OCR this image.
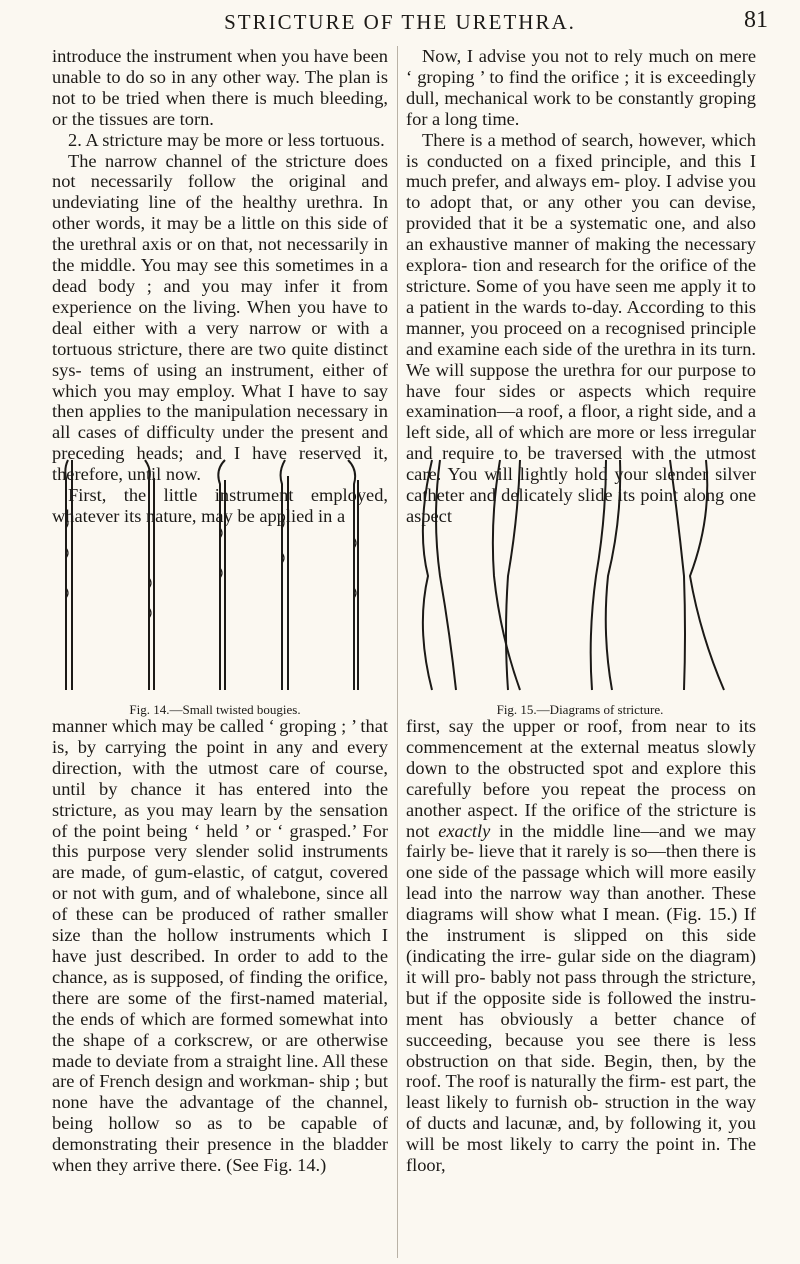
STRICTURE OF THE URETHRA.	81

introduce the instrument when you have been unable to do so in any other way. The plan is not to be tried when there is much bleeding, or the tissues are torn.

2. A stricture may be more or less tortuous.

The narrow channel of the stricture does not necessarily follow the original and undeviating line of the healthy urethra. In other words, it may be a little on this side of the urethral axis or on that, not necessarily in the middle. You may see this sometimes in a dead body ; and you may infer it from experience on the living. When you have to deal either with a very narrow or with a tortuous stricture, there are two quite distinct sys- tems of using an instrument, either of which you may employ. What I have to say then applies to the manipulation necessary in all cases of difficulty under the present and preceding heads; and I have reserved it, therefore, until now.

First, the little instrument employed, whatever its nature, may be applied in a

Fig. 14.—Small twisted bougies.	Fig. 15.—Diagrams of stricture.

manner which may be called ‘ groping ; ’ that is, by carrying the point in any and every direction, with the utmost care of course, until by chance it has entered into the stricture, as you may learn by the sensation of the point being ‘ held ’ or ‘ grasped.’ For this purpose very slender solid instruments are made, of gum-elastic, of catgut, covered or not with gum, and of whalebone, since all of these can be produced of rather smaller size than the hollow instruments which I have just described. In order to add to the chance, as is supposed, of finding the orifice, there are some of the first-named material, the ends of which are formed somewhat into the shape of a corkscrew, or are otherwise made to deviate from a straight line. All these are of French design and workman- ship ; but none have the advantage of the channel, being hollow so as to be capable of demonstrating their presence in the bladder when they arrive there. (See Fig. 14.)

Now, I advise you not to rely much on mere ‘ groping ’ to find the orifice ; it is exceedingly dull, mechanical work to be constantly groping for a long time.

There is a method of search, however, which is conducted on a fixed principle, and this I much prefer, and always em- ploy. I advise you to adopt that, or any other you can devise, provided that it be a systematic one, and also an exhaustive manner of making the necessary explora- tion and research for the orifice of the stricture. Some of you have seen me apply it to a patient in the wards to-day. According to this manner, you proceed on a recognised principle and examine each side of the urethra in its turn. We will suppose the urethra for our purpose to have four sides or aspects which require examination—a roof, a floor, a right side, and a left side, all of which are more or less irregular and require to be traversed with the utmost care. You will lightly hold your slender silver catheter and delicately slide its point along one aspect

first, say the upper or roof, from near to its commencement at the external meatus slowly down to the obstructed spot and explore this carefully before you repeat the process on another aspect. If the orifice of the stricture is not exactly in the middle line—and we may fairly be- lieve that it rarely is so—then there is one side of the passage which will more easily lead into the narrow way than another. These diagrams will show what I mean. (Fig. 15.) If the instrument is slipped on this side (indicating the irre- gular side on the diagram) it will pro- bably not pass through the stricture, but if the opposite side is followed the instru- ment has obviously a better chance of succeeding, because you see there is less obstruction on that side. Begin, then, by the roof. The roof is naturally the firm- est part, the least likely to furnish ob- struction in the way of ducts and lacunæ, and, by following it, you will be most likely to carry the point in. The floor,
